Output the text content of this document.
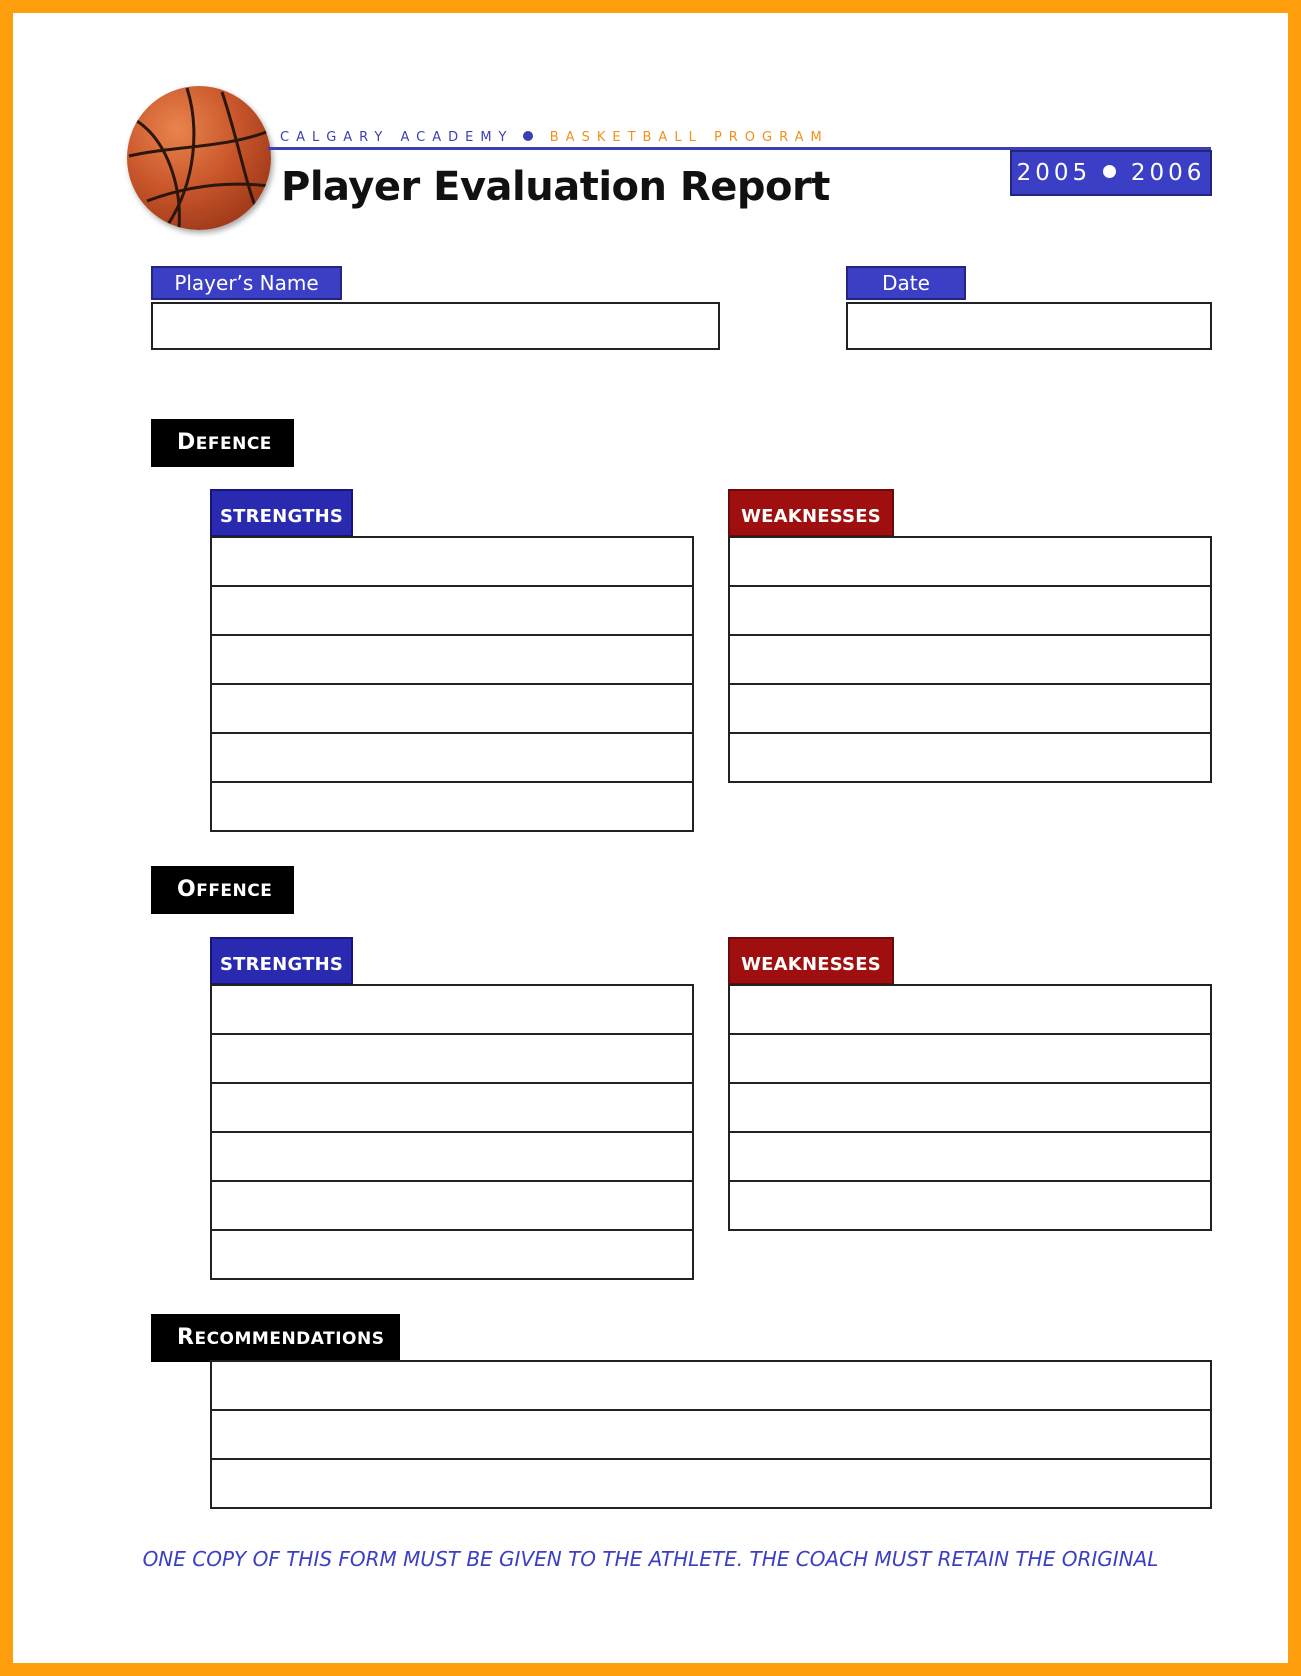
CALGARY ACADEMY	BASKETBALL PROGRAM
Player Evaluation Report	2005 2006
Player’s Name	Date
DEFENCE
STRENGTHS	WEAKNESSES
OFFENCE
STRENGTHS	WEAKNESSES
RECOMMENDATIONS
ONE COPY OF THIS FORM MUST BE GIVEN TO THE ATHLETE. THE COACH MUST RETAIN THE ORIGINAL
